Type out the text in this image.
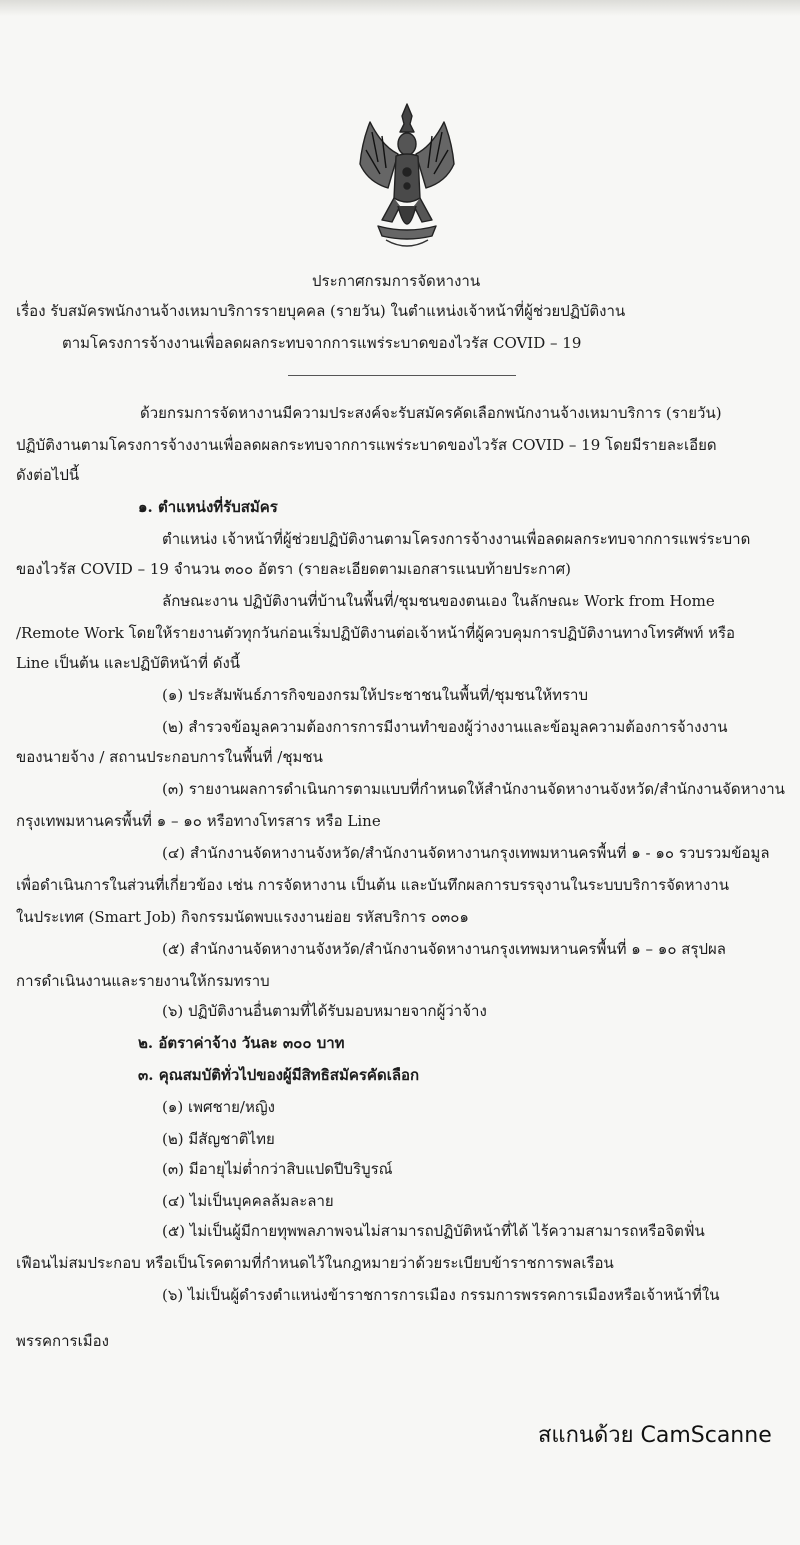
ประกาศกรมการจัดหางาน
เรื่อง รับสมัครพนักงานจ้างเหมาบริการรายบุคคล (รายวัน) ในตำแหน่งเจ้าหน้าที่ผู้ช่วยปฏิบัติงาน
ตามโครงการจ้างงานเพื่อลดผลกระทบจากการแพร่ระบาดของไวรัส COVID – 19
ด้วยกรมการจัดหางานมีความประสงค์จะรับสมัครคัดเลือกพนักงานจ้างเหมาบริการ (รายวัน)
ปฏิบัติงานตามโครงการจ้างงานเพื่อลดผลกระทบจากการแพร่ระบาดของไวรัส COVID – 19 โดยมีรายละเอียด
ดังต่อไปนี้
๑. ตำแหน่งที่รับสมัคร
ตำแหน่ง เจ้าหน้าที่ผู้ช่วยปฏิบัติงานตามโครงการจ้างงานเพื่อลดผลกระทบจากการแพร่ระบาด
ของไวรัส COVID – 19 จำนวน ๓๐๐ อัตรา (รายละเอียดตามเอกสารแนบท้ายประกาศ)
ลักษณะงาน ปฏิบัติงานที่บ้านในพื้นที่/ชุมชนของตนเอง ในลักษณะ Work from Home
/Remote Work โดยให้รายงานตัวทุกวันก่อนเริ่มปฏิบัติงานต่อเจ้าหน้าที่ผู้ควบคุมการปฏิบัติงานทางโทรศัพท์ หรือ
Line เป็นต้น และปฏิบัติหน้าที่ ดังนี้
(๑) ประสัมพันธ์ภารกิจของกรมให้ประชาชนในพื้นที่/ชุมชนให้ทราบ
(๒) สำรวจข้อมูลความต้องการการมีงานทำของผู้ว่างงานและข้อมูลความต้องการจ้างงาน
ของนายจ้าง / สถานประกอบการในพื้นที่ /ชุมชน
(๓) รายงานผลการดำเนินการตามแบบที่กำหนดให้สำนักงานจัดหางานจังหวัด/สำนักงานจัดหางาน
กรุงเทพมหานครพื้นที่ ๑ – ๑๐ หรือทางโทรสาร หรือ Line
(๔) สำนักงานจัดหางานจังหวัด/สำนักงานจัดหางานกรุงเทพมหานครพื้นที่ ๑ - ๑๐ รวบรวมข้อมูล
เพื่อดำเนินการในส่วนที่เกี่ยวข้อง เช่น การจัดหางาน เป็นต้น และบันทึกผลการบรรจุงานในระบบบริการจัดหางาน
ในประเทศ (Smart Job) กิจกรรมนัดพบแรงงานย่อย รหัสบริการ ๐๓๐๑
(๕) สำนักงานจัดหางานจังหวัด/สำนักงานจัดหางานกรุงเทพมหานครพื้นที่ ๑ – ๑๐ สรุปผล
การดำเนินงานและรายงานให้กรมทราบ
(๖) ปฏิบัติงานอื่นตามที่ได้รับมอบหมายจากผู้ว่าจ้าง
๒. อัตราค่าจ้าง วันละ ๓๐๐ บาท
๓. คุณสมบัติทั่วไปของผู้มีสิทธิสมัครคัดเลือก
(๑) เพศชาย/หญิง
(๒) มีสัญชาติไทย
(๓) มีอายุไม่ต่ำกว่าสิบแปดปีบริบูรณ์
(๔) ไม่เป็นบุคคลล้มละลาย
(๕) ไม่เป็นผู้มีกายทุพพลภาพจนไม่สามารถปฏิบัติหน้าที่ได้ ไร้ความสามารถหรือจิตฟั่น
เฟือนไม่สมประกอบ หรือเป็นโรคตามที่กำหนดไว้ในกฎหมายว่าด้วยระเบียบข้าราชการพลเรือน
(๖) ไม่เป็นผู้ดำรงตำแหน่งข้าราชการการเมือง กรรมการพรรคการเมืองหรือเจ้าหน้าที่ใน
พรรคการเมือง
สแกนด้วย CamScanne
